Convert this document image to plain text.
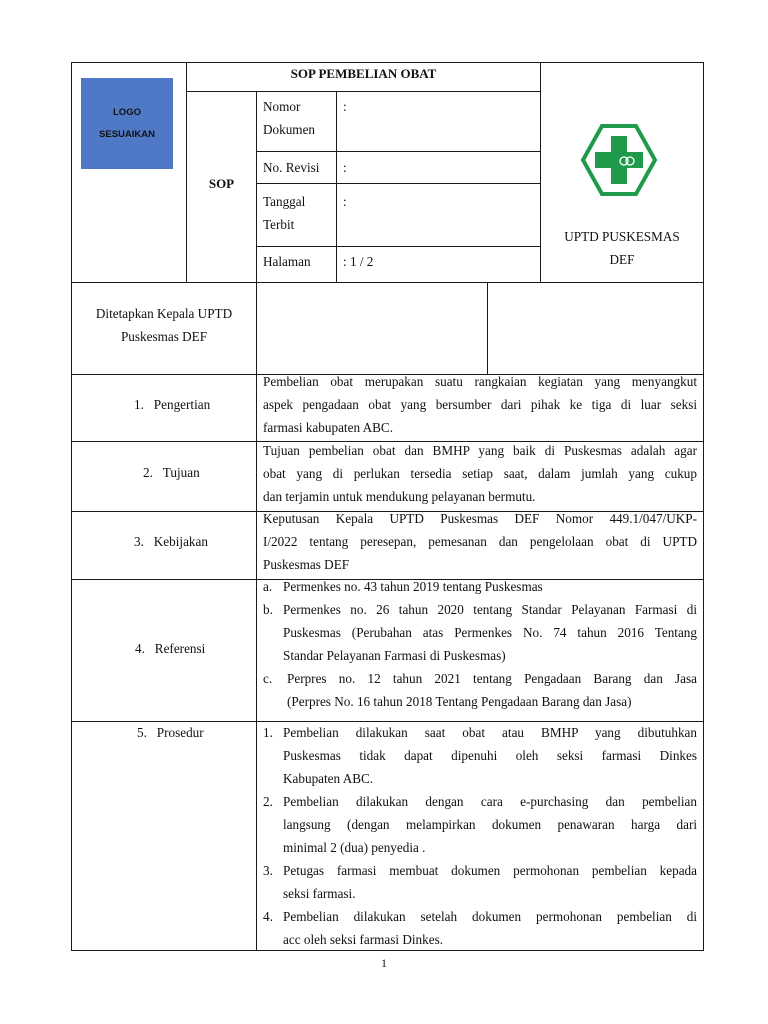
LOGO
SESUAIKAN
SOP PEMBELIAN OBAT
SOP
Nomor
Dokumen
:
No. Revisi :
Tanggal
Terbit
:
Halaman : 1 / 2
UPTD PUSKESMAS
DEF
Ditetapkan Kepala UPTD
Puskesmas DEF
1. Pengertian
2. Tujuan
3. Kebijakan
4. Referensi
5. Prosedur
Pembelian obat merupakan suatu rangkaian kegiatan yang menyangkut
aspek pengadaan obat yang bersumber dari pihak ke tiga di luar seksi
farmasi kabupaten ABC.
Tujuan pembelian obat dan BMHP yang baik di Puskesmas adalah agar
obat yang di perlukan tersedia setiap saat, dalam jumlah yang cukup
dan terjamin untuk mendukung pelayanan bermutu.
Keputusan Kepala UPTD Puskesmas DEF Nomor 449.1/047/UKP-
I/2022 tentang peresepan, pemesanan dan pengelolaan obat di UPTD
Puskesmas DEF
a. Permenkes no. 43 tahun 2019 tentang Puskesmas
b. Permenkes no. 26 tahun 2020 tentang Standar Pelayanan Farmasi di
Puskesmas (Perubahan atas Permenkes No. 74 tahun 2016 Tentang
Standar Pelayanan Farmasi di Puskesmas)
c. Perpres no. 12 tahun 2021 tentang Pengadaan Barang dan Jasa
(Perpres No. 16 tahun 2018 Tentang Pengadaan Barang dan Jasa)
1. Pembelian dilakukan saat obat atau BMHP yang dibutuhkan
Puskesmas tidak dapat dipenuhi oleh seksi farmasi Dinkes
Kabupaten ABC.
2. Pembelian dilakukan dengan cara e-purchasing dan pembelian
langsung (dengan melampirkan dokumen penawaran harga dari
minimal 2 (dua) penyedia .
3. Petugas farmasi membuat dokumen permohonan pembelian kepada
seksi farmasi.
4. Pembelian dilakukan setelah dokumen permohonan pembelian di
acc oleh seksi farmasi Dinkes.
1
